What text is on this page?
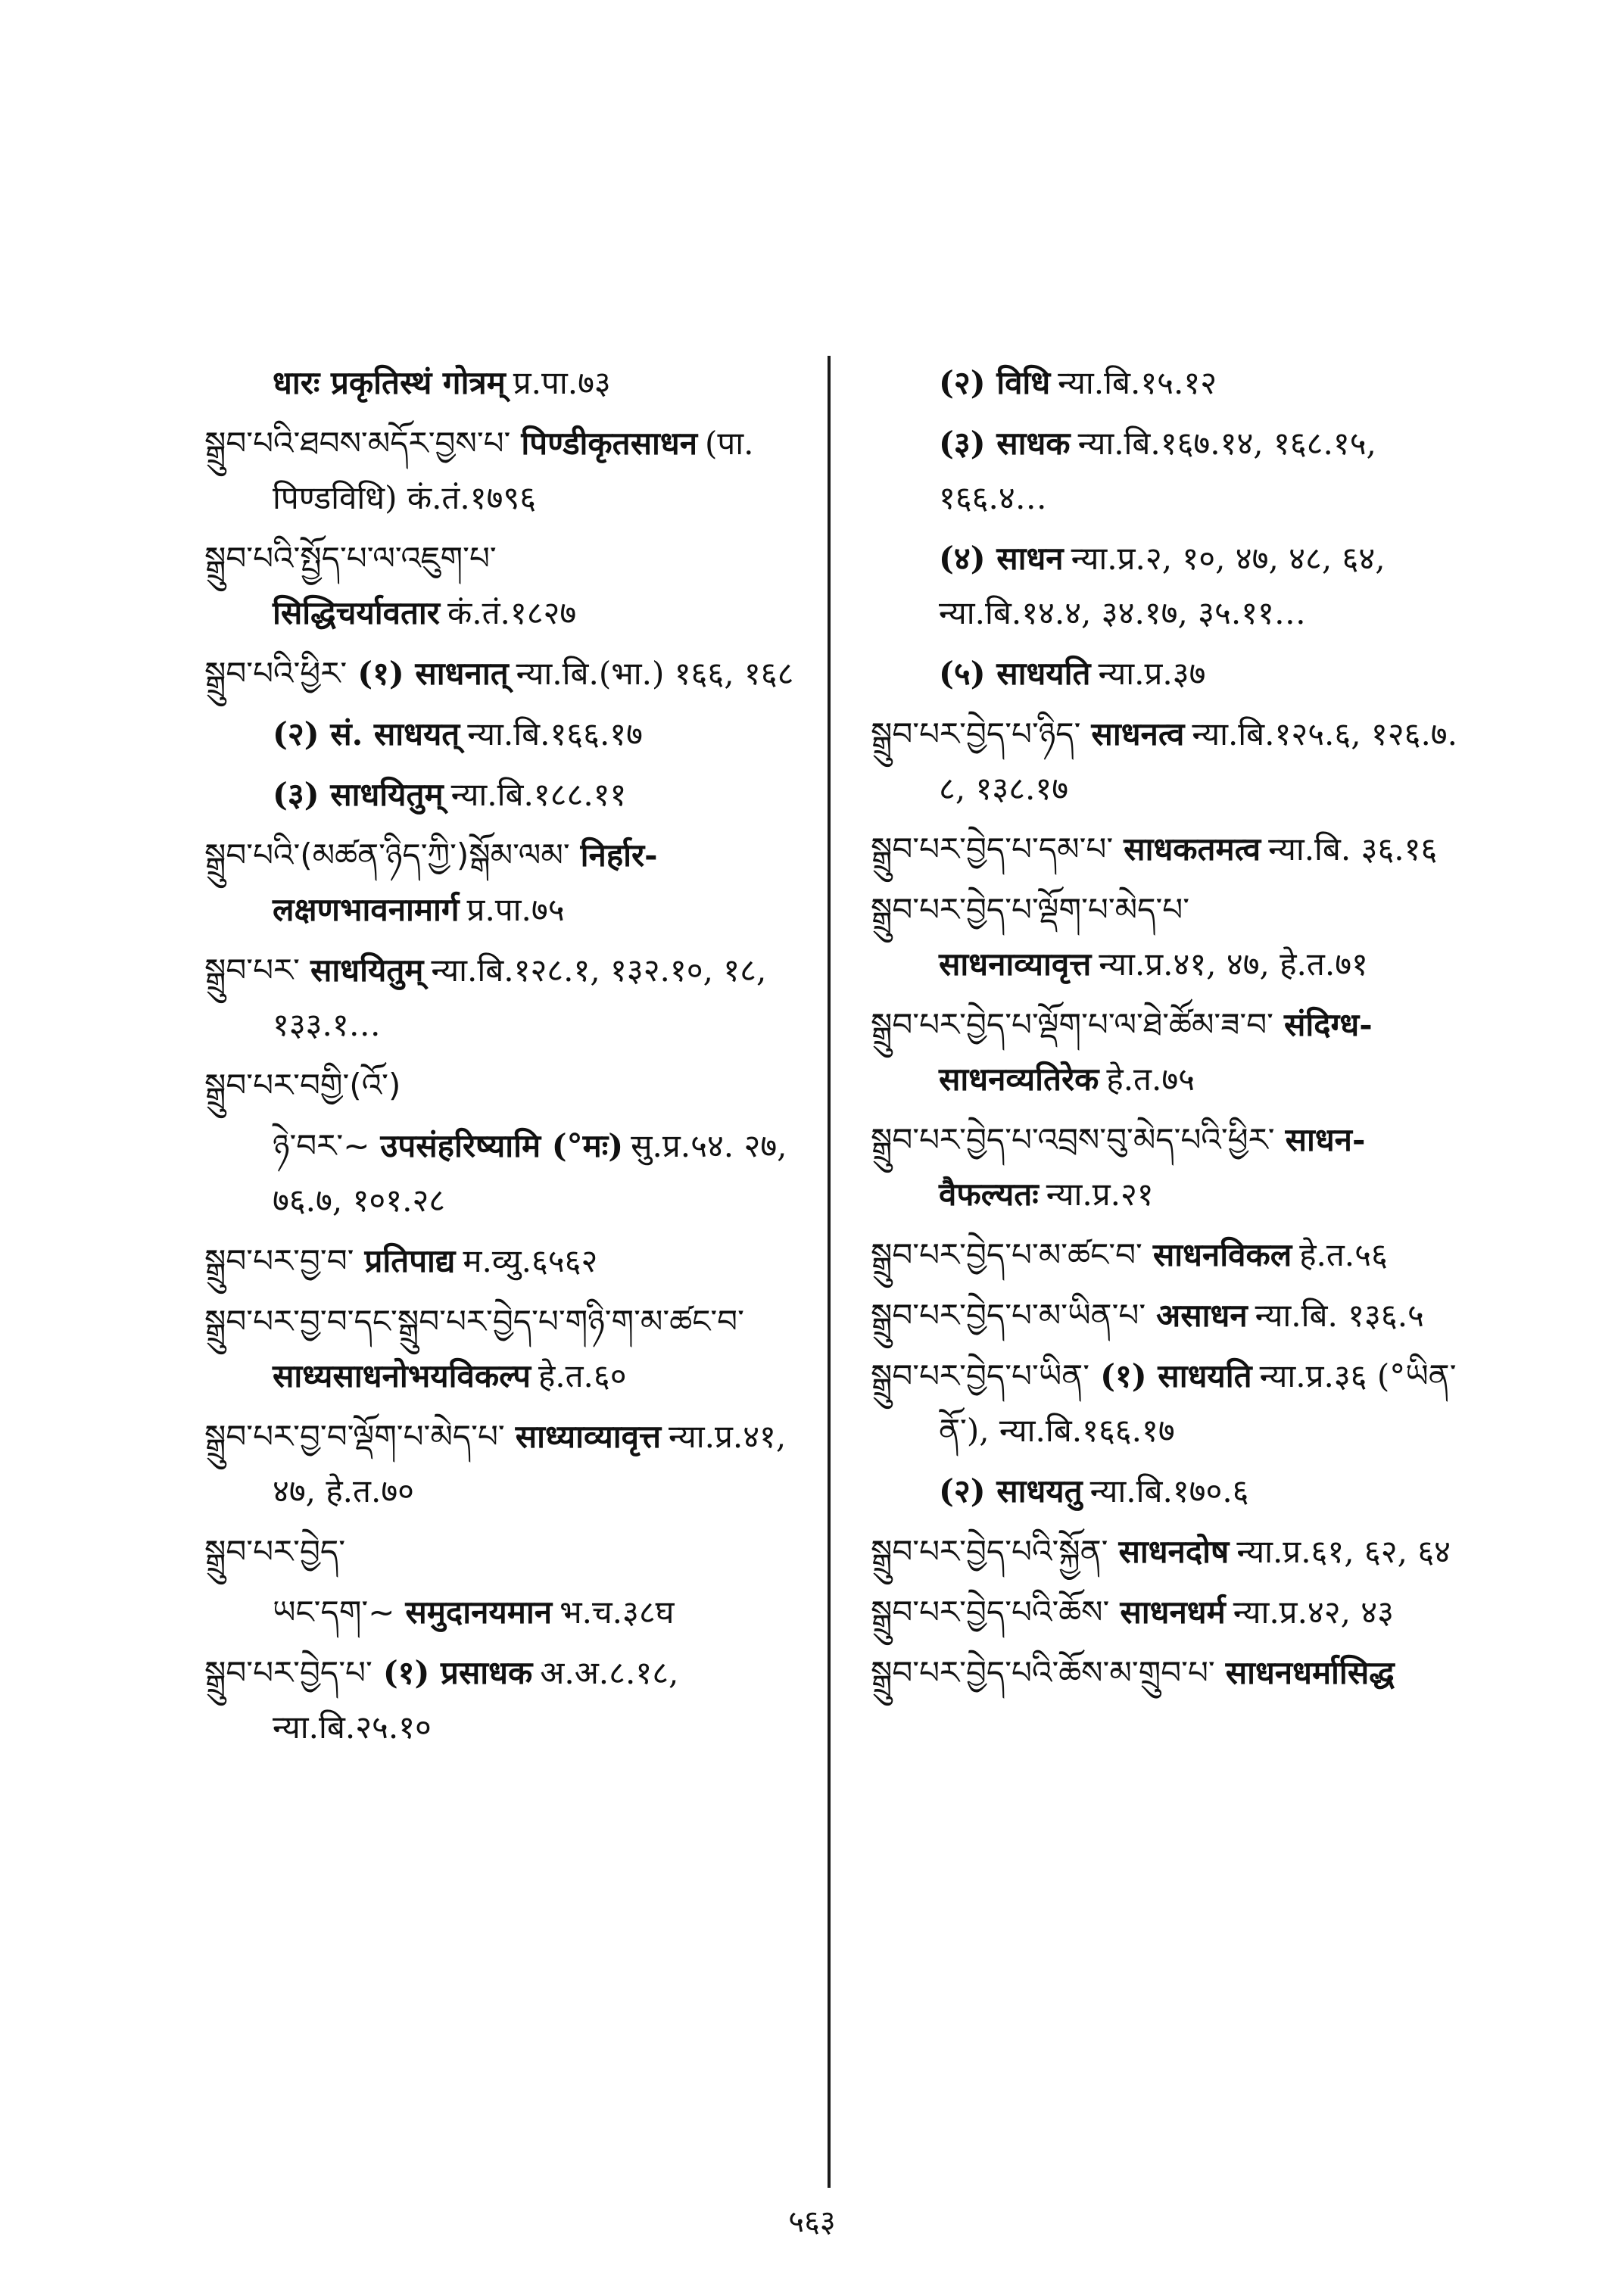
धारः प्रकृतिस्थं गोत्रम् प्र.पा.७३

སྒྲུབ་པའི་ཐབས་མདོར་བྱས་པ་ पिण्डीकृतसाधन (पा. पिण्डविधि) कं.तं.१७९६

སྒྲུབ་པའི་སྤྱོད་པ་ལ་འཇུག་པ་सिद्धिचर्यावतार कं.तं.१८२७

སྒྲུབ་པའི་ཕྱིར་ (१) साधनात् न्या.बि.(भा.) १६६, १६८

(२) सं. साधयत् न्या.बि.१६६.१७

(३) साधयितुम् न्या.बि.१८८.११

སྒྲུབ་པའི་(མཚན་ཉིད་ཀྱི་)སྒོམ་ལམ་ निर्हार-लक्षणभावनामार्ग प्र.पा.७५

སྒྲུབ་པར་ साधयितुम् न्या.बि.१२८.१, १३२.१०, १८, १३३.१…

སྒྲུབ་པར་བགྱི་(འོ་)

ཉེ་བར་~ उपसंहरिष्यामि (°मः) सु.प्र.५४. २७, ७६.७, १०१.२८

སྒྲུབ་པར་བྱ་བ་ प्रतिपाद्य म.व्यु.६५६२

སྒྲུབ་པར་བྱ་བ་དང་སྒྲུབ་པར་བྱེད་པ་གཉི་ག་མ་ཚང་བ་साध्यसाधनोभयविकल्प हे.त.६०

སྒྲུབ་པར་བྱ་བ་ལྡོག་པ་མེད་པ་ साध्याव्यावृत्त न्या.प्र.४१, ४७, हे.त.७०

སྒྲུབ་པར་བྱེད་

ཡང་དག་~ समुदानयमान भ.च.३८घ

སྒྲུབ་པར་བྱེད་པ་ (१) प्रसाधक अ.अ.८.१८, न्या.बि.२५.१०

(२) विधि न्या.बि.१५.१२

(३) साधक न्या.बि.१६७.१४, १६८.१५, १६६.४…

(४) साधन न्या.प्र.२, १०, ४७, ४८, ६४, न्या.बि.१४.४, ३४.१७, ३५.११…

(५) साधयति न्या.प्र.३७

སྒྲུབ་པར་བྱེད་པ་ཉིད་ साधनत्व न्या.बि.१२५.६, १२६.७. ८, १३८.१७

སྒྲུབ་པར་བྱེད་པ་དམ་པ་ साधकतमत्व न्या.बि. ३६.१६

སྒྲུབ་པར་བྱེད་པ་ལྡོག་པ་མེད་པ་साधनाव्यावृत्त न्या.प्र.४१, ४७, हे.त.७१

སྒྲུབ་པར་བྱེད་པ་ལྡོག་པ་ལ་ཐེ་ཚོམ་ཟ་བ་ संदिग्ध-साधनव्यतिरेक हे.त.७५

སྒྲུབ་པར་བྱེད་པ་འབྲས་བུ་མེད་པའི་ཕྱིར་ साधन-वैफल्यतः न्या.प्र.२१

སྒྲུབ་པར་བྱེད་པ་མ་ཚང་བ་ साधनविकल हे.त.५६

སྒྲུབ་པར་བྱེད་པ་མ་ཡིན་པ་ असाधन न्या.बि. १३६.५

སྒྲུབ་པར་བྱེད་པ་ཡིན་ (१) साधयति न्या.प्र.३६ (°ཡིན་ནོ་), न्या.बि.१६६.१७

(२) साधयतु न्या.बि.१७०.६

སྒྲུབ་པར་བྱེད་པའི་སྐྱོན་ साधनदोष न्या.प्र.६१, ६२, ६४

སྒྲུབ་པར་བྱེད་པའི་ཆོས་ साधनधर्म न्या.प्र.४२, ४३

སྒྲུབ་པར་བྱེད་པའི་ཆོས་མ་གྲུབ་པ་ साधनधर्मासिद्ध

५६३
